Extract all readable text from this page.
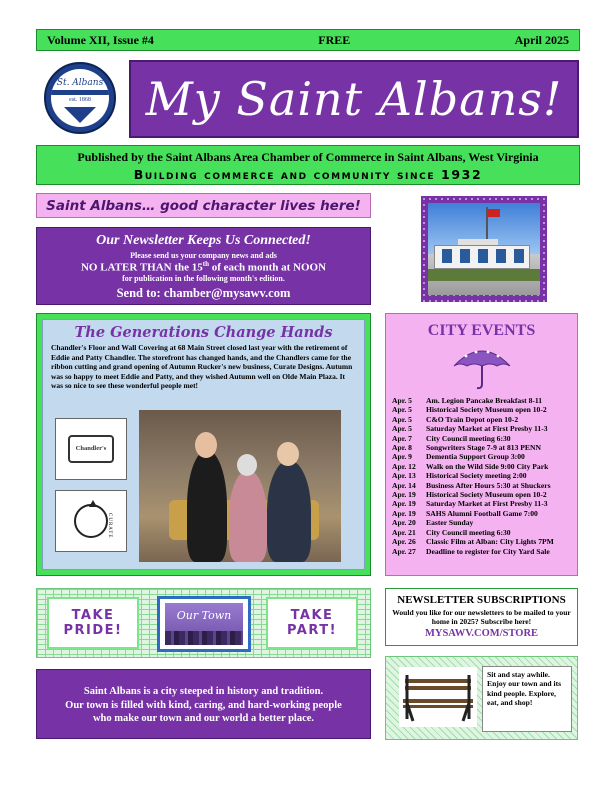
Volume XII, Issue #4	FREE	April 2025
St. Albans
est. 1868 My Saint Albans!
Published by the Saint Albans Area Chamber of Commerce in Saint Albans, West Virginia
Building commerce and community since 1932
Saint Albans… good character lives here!
Our Newsletter Keeps Us Connected!
Please send us your company news and ads
NO LATER THAN the 15th of each month at NOON
for publication in the following month's edition.
Send to: chamber@mysawv.com
The Generations Change Hands
Chandler's Floor and Wall Covering at 68 Main Street closed last year with the retirement of Eddie and Patty Chandler. The storefront has changed hands, and the Chandlers came for the ribbon cutting and grand opening of Autumn Rucker's new business, Curate Designs. Autumn was so happy to meet Eddie and Patty, and they wished Autumn well on Olde Main Plaza. It was so nice to see these wonderful people met!
Chandler's
CURATE
CITY EVENTS
Apr. 5	Am. Legion Pancake Breakfast 8-11
Apr. 5	Historical Society Museum open 10-2
Apr. 5	C&O Train Depot open 10-2
Apr. 5	Saturday Market at First Presby 11-3
Apr. 7	City Council meeting 6:30
Apr. 8	Songwriters Stage 7-9 at 813 PENN
Apr. 9	Dementia Support Group 3:00
Apr. 12	Walk on the Wild Side 9:00 City Park
Apr. 13	Historical Society meeting 2:00
Apr. 14	Business After Hours 5:30 at Shuckers
Apr. 19	Historical Society Museum open 10-2
Apr. 19	Saturday Market at First Presby 11-3
Apr. 19	SAHS Alumni Football Game 7:00
Apr. 20	Easter Sunday
Apr. 21	City Council meeting 6:30
Apr. 26	Classic Film at Alban: City Lights 7PM
Apr. 27	Deadline to register for City Yard Sale
TAKE
PRIDE!
Our Town	TAKE
PART!
NEWSLETTER SUBSCRIPTIONS
Would you like for our newsletters to be mailed to your home in 2025? Subscribe here!
MYSAWV.COM/STORE
Saint Albans is a city steeped in history and tradition.
Our town is filled with kind, caring, and hard-working people
who make our town and our world a better place.
Sit and stay awhile. Enjoy our town and its kind people. Explore, eat, and shop!
